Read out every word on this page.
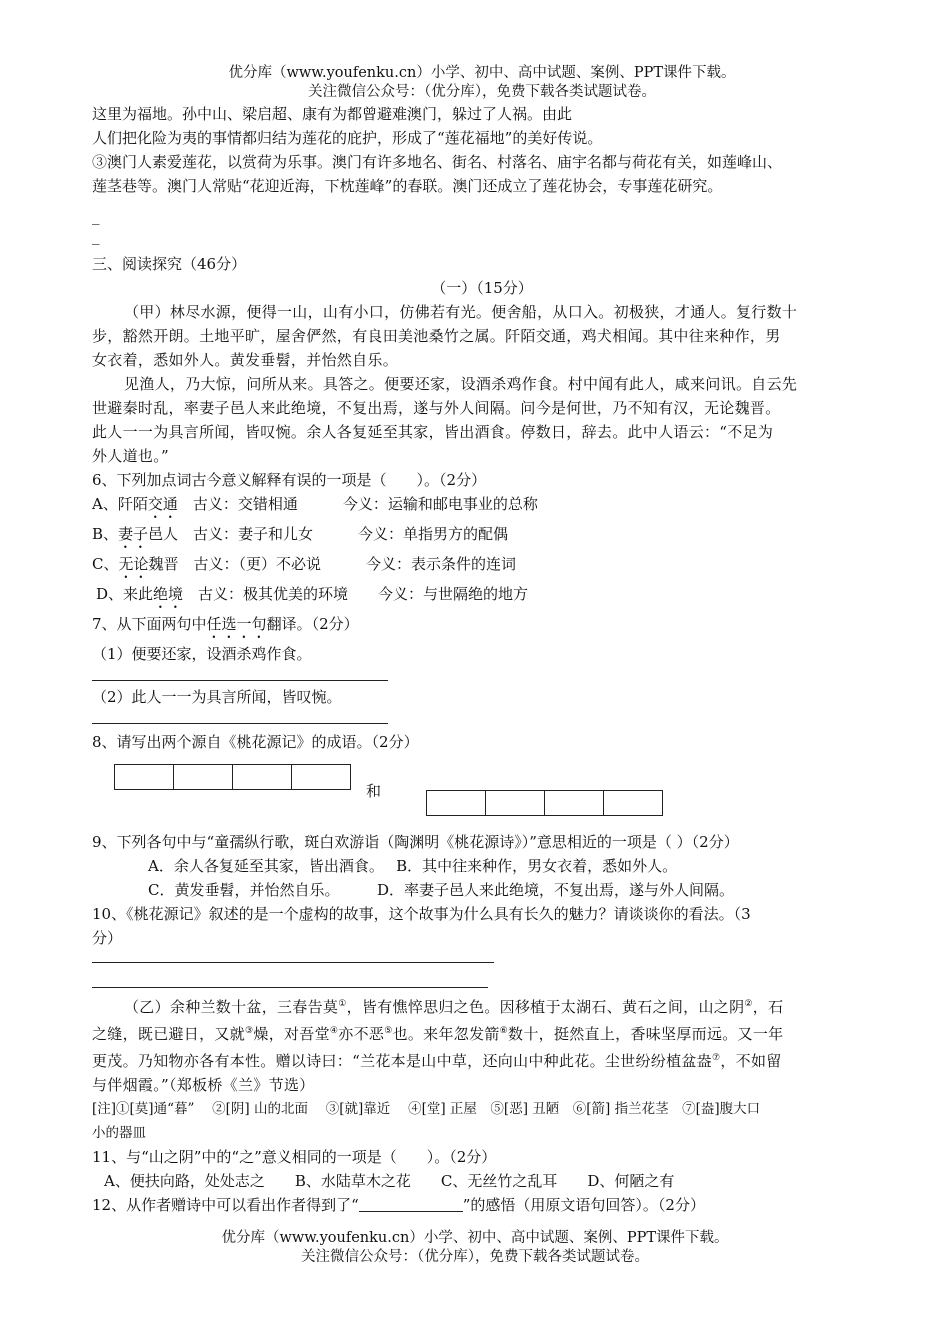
优分库（www.youfenku.cn）小学、初中、高中试题、案例、PPT课件下载。
关注微信公众号：（优分库），免费下载各类试题试卷。

这里为福地。孙中山、梁启超、康有为都曾避难澳门，躲过了人祸。由此

人们把化险为夷的事情都归结为莲花的庇护，形成了“莲花福地”的美好传说。

③澳门人素爱莲花，以赏荷为乐事。澳门有许多地名、街名、村落名、庙宇名都与荷花有关，如莲峰山、

莲茎巷等。澳门人常贴“花迎近海，下枕莲峰”的春联。澳门还成立了莲花协会，专事莲花研究。

_

_

三、阅读探究（46分）

（一）（15分）

（甲）林尽水源，便得一山，山有小口，仿佛若有光。便舍船，从口入。初极狭，才通人。复行数十

步，豁然开朗。土地平旷，屋舍俨然，有良田美池桑竹之属。阡陌交通，鸡犬相闻。其中往来种作，男

女衣着，悉如外人。黄发垂髫，并怡然自乐。

见渔人，乃大惊，问所从来。具答之。便要还家，设酒杀鸡作食。村中闻有此人，咸来问讯。自云先

世避秦时乱，率妻子邑人来此绝境，不复出焉，遂与外人间隔。问今是何世，乃不知有汉，无论魏晋。

此人一一为具言所闻，皆叹惋。余人各复延至其家，皆出酒食。停数日，辞去。此中人语云：“不足为

外人道也。”

6、下列加点词古今意义解释有误的一项是（　　）。（2分）

A、阡陌交通　古义：交错相通　　　今义：运输和邮电事业的总称

B、妻子邑人　古义：妻子和儿女　　　今义：单指男方的配偶

C、无论魏晋　古义：（更）不必说　　　今义：表示条件的连词

D、来此绝境　古义：极其优美的环境　　今义：与世隔绝的地方

7、从下面两句中任选一句翻译。（2分）

（1）便要还家，设酒杀鸡作食。

（2）此人一一为具言所闻，皆叹惋。

8、请写出两个源自《桃花源记》的成语。（2分）

和

9、下列各句中与“童孺纵行歌，斑白欢游诣（陶渊明《桃花源诗》）”意思相近的一项是（ ）（2分）

A．余人各复延至其家，皆出酒食。　 B．其中往来种作，男女衣着，悉如外人。

C．黄发垂髫，并怡然自乐。　　　D．率妻子邑人来此绝境，不复出焉，遂与外人间隔。

10、《桃花源记》叙述的是一个虚构的故事，这个故事为什么具有长久的魅力？请谈谈你的看法。（3

分）

（乙）余种兰数十盆，三春告莫①，皆有憔悴思归之色。因移植于太湖石、黄石之间，山之阴②，石

之缝，既已避日，又就③燥，对吾堂④亦不恶⑤也。来年忽发箭⑥数十，挺然直上，香味坚厚而远。又一年

更茂。乃知物亦各有本性。赠以诗曰：“兰花本是山中草，还向山中种此花。尘世纷纷植盆盎⑦，不如留

与伴烟霞。”（郑板桥《兰》节选）

[注]①[莫]通“暮”　 ②[阴] 山的北面　 ③[就]靠近　 ④[堂] 正屋　⑤[恶] 丑陋　⑥[箭] 指兰花茎　⑦[盎]腹大口

小的器皿

11、与“山之阴”中的“之”意义相同的一项是（　　）。（2分）

A、便扶向路，处处志之　　B、水陆草木之花　　C、无丝竹之乱耳　　D、何陋之有

12、从作者赠诗中可以看出作者得到了“	”的感悟（用原文语句回答）。（2分）

优分库（www.youfenku.cn）小学、初中、高中试题、案例、PPT课件下载。
关注微信公众号：（优分库），免费下载各类试题试卷。
